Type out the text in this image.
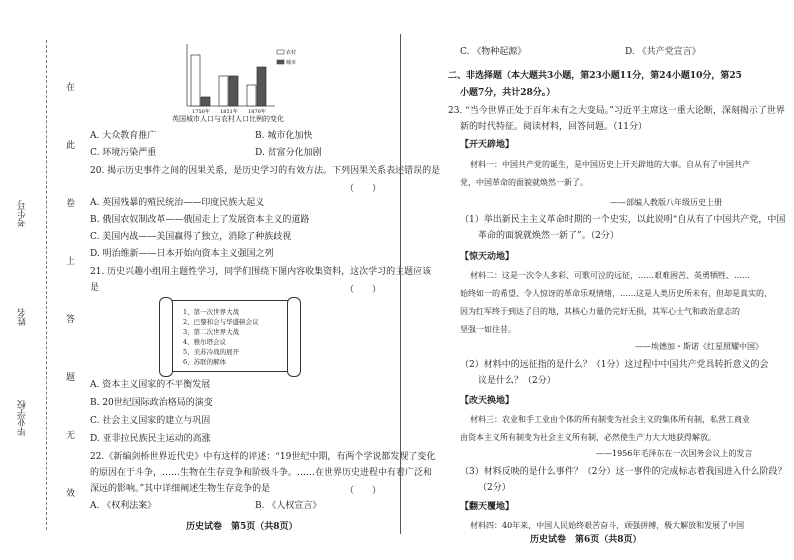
在
此
卷
上
答
题
无
效
考生号
姓名
毕业学校
1750年 1851年 1870年
农村
城市
英国城市人口与农村人口比例的变化
A. 大众教育推广	B. 城市化加快
C. 环境污染严重	D. 贫富分化加剧
20. 揭示历史事件之间的因果关系，是历史学习的有效方法。下列因果关系表述错误的是
（　　）
A. 英国残暴的殖民统治——印度民族大起义
B. 俄国农奴制改革——俄国走上了发展资本主义的道路
C. 美国内战——美国赢得了独立，消除了种族歧视
D. 明治维新——日本开始向资本主义强国之列
21. 历史兴趣小组用主题性学习，同学们围绕下图内容收集资料，这次学习的主题应该
是	（　　）
1、第一次世界大战
2、巴黎和会与华盛顿会议
3、第二次世界大战
4、雅尔塔会议
5、美苏冷战的展开
6、苏联的解体
A. 资本主义国家的不平衡发展
B. 20世纪国际政治格局的演变
C. 社会主义国家的建立与巩固
D. 亚非拉民族民主运动的高涨
22.《新编剑桥世界近代史》中有这样的评述：“19世纪中期，有两个学说都发现了变化
的原因在于斗争，……生物在生存竞争和阶级斗争。……在世界历史进程中有着广泛和
深远的影响。”其中详细阐述生物生存竞争的是	（　　）
A. 《权利法案》	B. 《人权宣言》
历史试卷　第5页（共8页）
C. 《物种起源》	D. 《共产党宣言》
二、非选择题（本大题共3小题，第23小题11分，第24小题10分，第25
小题7分，共计28分。）
23. “当今世界正处于百年未有之大变局。”习近平主席这一重大论断，深刻揭示了世界
新的时代特征。阅读材料，回答问题。（11分）
【开天辟地】
材料一：中国共产党的诞生，是中国历史上开天辟地的大事。自从有了中国共产
党，中国革命的面貌就焕然一新了。
——部编人教版八年级历史上册
（1）举出新民主主义革命时期的一个史实，以此说明“自从有了中国共产党，中国
革命的面貌就焕然一新了”。（2分）
【惊天动地】
材料二：这是一次令人多彩、可歌可泣的远征，……艰难困苦、英勇牺牲、……
始终如一的希望、令人惊讶的革命乐观情绪，……这是人类历史所未有，但却是真实的，
因为红军终于到达了目的地，其核心力量仍完好无损，其军心士气和政治意志的
坚强一如往昔。
——埃德加・斯诺《红星照耀中国》
（2）材料中的远征指的是什么？（1分）这过程中中国共产党具转折意义的会
议是什么？（2分）
【改天换地】
材料三：农业和手工业由个体的所有制变为社会主义的集体所有制，私营工商业
由资本主义所有制变为社会主义所有制，必然使生产力大大地获得解放。
——1956年毛泽东在一次国务会议上的发言
（3）材料反映的是什么事件？（2分）这一事件的完成标志着我国进入什么阶段？
（2分）
【翻天覆地】
材料四：40年来，中国人民始终艰苦奋斗，顽强拼搏，极大解放和发展了中国
历史试卷　第6页（共8页）
